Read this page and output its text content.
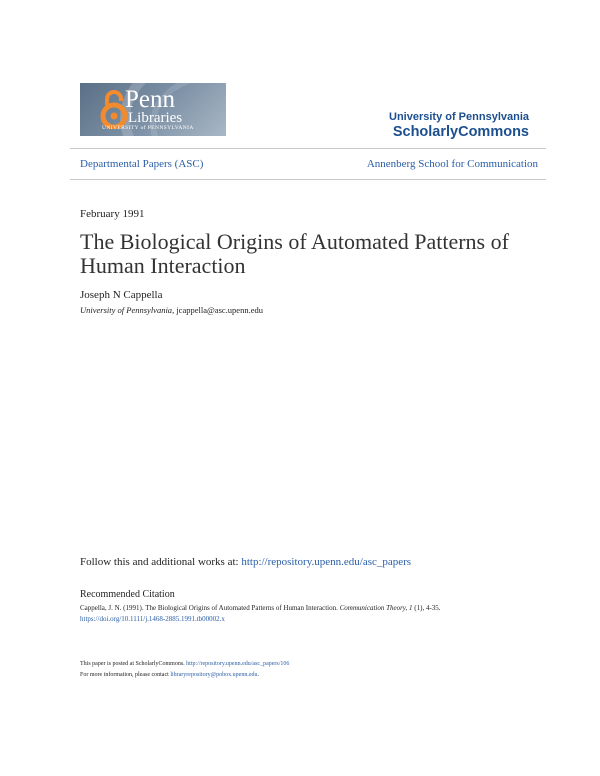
Penn
Libraries
UNIVERSITY of PENNSYLVANIA
University of Pennsylvania
ScholarlyCommons
Departmental Papers (ASC)	Annenberg School for Communication
February 1991
The Biological Origins of Automated Patterns of Human Interaction
Joseph N Cappella
University of Pennsylvania, jcappella@asc.upenn.edu
Follow this and additional works at: http://repository.upenn.edu/asc_papers
Recommended Citation
Cappella, J. N. (1991). The Biological Origins of Automated Patterns of Human Interaction. Communication Theory, 1 (1), 4-35.
https://doi.org/10.1111/j.1468-2885.1991.tb00002.x
This paper is posted at ScholarlyCommons. http://repository.upenn.edu/asc_papers/106
For more information, please contact libraryrepository@pobox.upenn.edu.
